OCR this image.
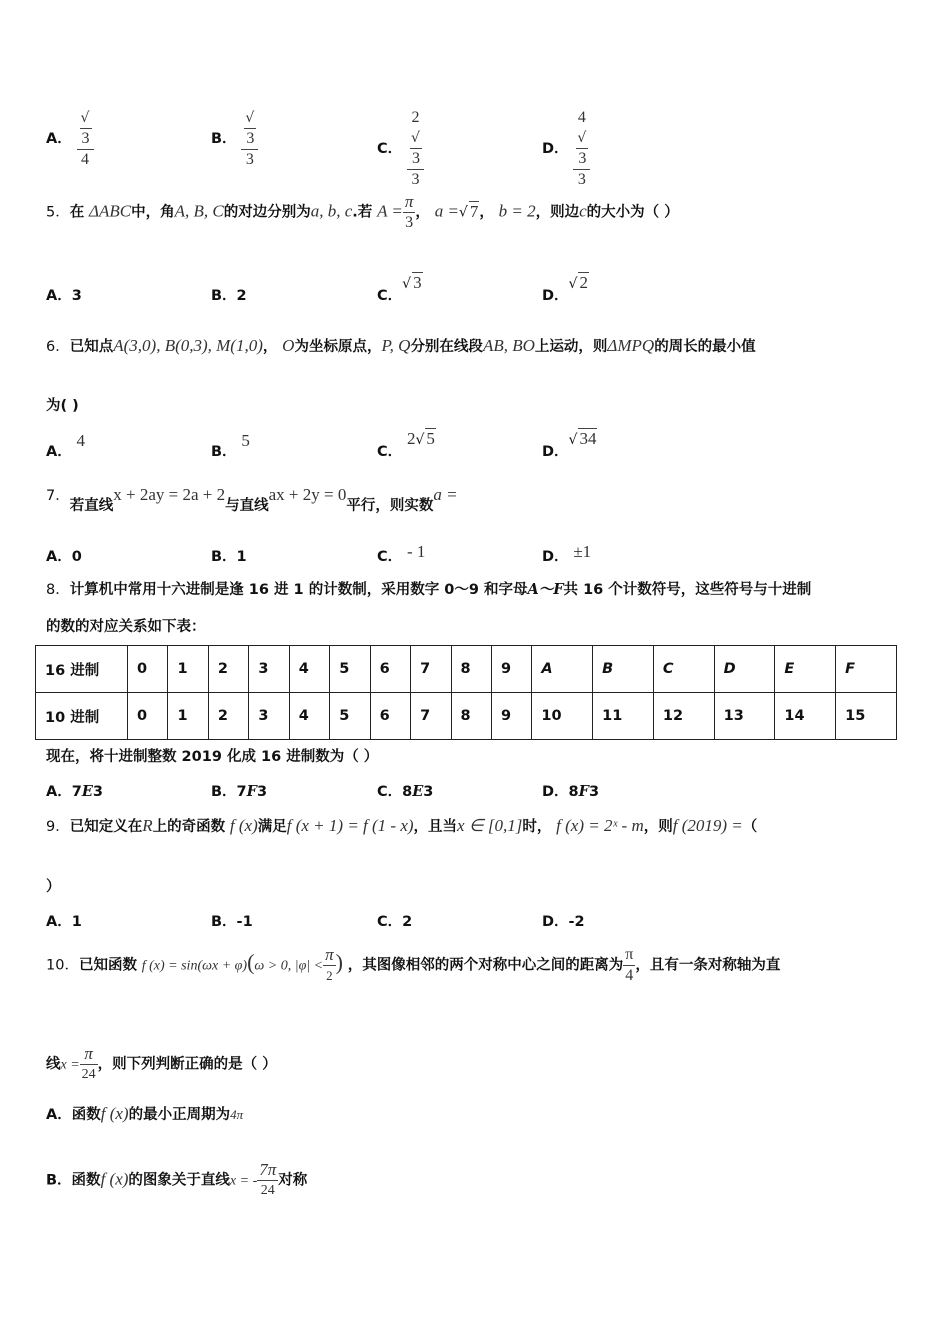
A． √
3
4	B． √
3
3	C． 2
√
3
3	D． 4
√
3
3
5．在 ΔABC中，角A, B, C的对边分别为a, b, c.若 $A = \frac{\pi}{3}$ ， a =√ 7， b = 2，则边c的大小为（ ）
A．3	B．2	C．√ 3
D．√ 2
6．已知点A(3,0), B(0,3), M(1,0)， O为坐标原点，P, Q分别在线段AB, BO上运动，则ΔMPQ的周长的最小值
为( )
A． 4
B． 5
C． 2√ 5
D．√ 34
7．若直线x + 2ay = 2a + 2与直线ax + 2y = 0平行，则实数a =
A．0	B．1	C． - 1	D． ±1
8．计算机中常用十六进制是逢 16 进 1 的计数制，采用数字 0～9 和字母A～F共 16 个计数符号，这些符号与十进制
的数的对应关系如下表：
16 进制	0	1	2	3	4	5	6	7	8	9	A	B	C	D	E	F
10 进制	0	1	2	3	4	5	6	7	8	9	10	11	12	13	14	15
现在，将十进制整数 2019 化成 16 进制数为（ ）
A．7E3	B．7F3	C．8E3	D．8F3
9．已知定义在R上的奇函数 f (x)满足f (x + 1) = f (1 - x)，且当x ∈ [0,1]时， f (x) = 2ˣ - m，则f (2019) =（
）
A．1	B．-1	C．2	D．-2
10．已知函数 f (x) = sin(ωx + φ)(ω > 0, $|\varphi| < \frac{\pi}{2}$ ) ，其图像相邻的两个对称中心之间的距离为 $\frac{\pi}{4}$ ，且有一条对称轴为直
线$x = \frac{\pi}{24}$ ，则下列判断正确的是（ ）
A．函数f (x)的最小正周期为4π
B．函数f (x)的图象关于直线x = - $\frac{7\pi}{24}$ 对称
